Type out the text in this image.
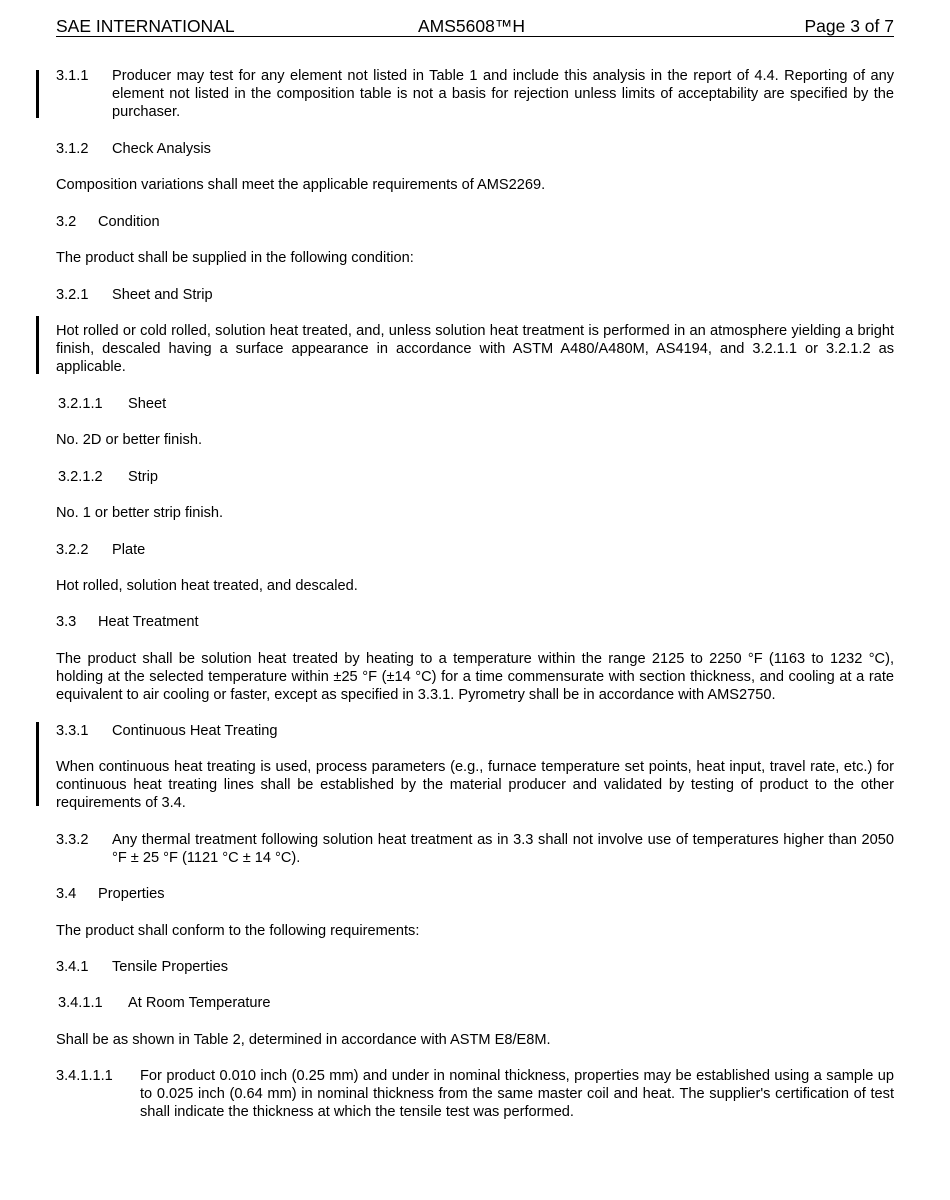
SAE INTERNATIONAL	AMS5608™H	Page 3 of 7
3.1.1	Producer may test for any element not listed in Table 1 and include this analysis in the report of 4.4. Reporting of any element not listed in the composition table is not a basis for rejection unless limits of acceptability are specified by the purchaser.
3.1.2	Check Analysis
Composition variations shall meet the applicable requirements of AMS2269.
3.2	Condition
The product shall be supplied in the following condition:
3.2.1	Sheet and Strip
Hot rolled or cold rolled, solution heat treated, and, unless solution heat treatment is performed in an atmosphere yielding a bright finish, descaled having a surface appearance in accordance with ASTM A480/A480M, AS4194, and 3.2.1.1 or 3.2.1.2 as applicable.
3.2.1.1	Sheet
No. 2D or better finish.
3.2.1.2	Strip
No. 1 or better strip finish.
3.2.2	Plate
Hot rolled, solution heat treated, and descaled.
3.3	Heat Treatment
The product shall be solution heat treated by heating to a temperature within the range 2125 to 2250 °F (1163 to 1232 °C), holding at the selected temperature within ±25 °F (±14 °C) for a time commensurate with section thickness, and cooling at a rate equivalent to air cooling or faster, except as specified in 3.3.1. Pyrometry shall be in accordance with AMS2750.
3.3.1	Continuous Heat Treating
When continuous heat treating is used, process parameters (e.g., furnace temperature set points, heat input, travel rate, etc.) for continuous heat treating lines shall be established by the material producer and validated by testing of product to the other requirements of 3.4.
3.3.2	Any thermal treatment following solution heat treatment as in 3.3 shall not involve use of temperatures higher than 2050 °F ± 25 °F (1121 °C ± 14 °C).
3.4	Properties
The product shall conform to the following requirements:
3.4.1	Tensile Properties
3.4.1.1	At Room Temperature
Shall be as shown in Table 2, determined in accordance with ASTM E8/E8M.
3.4.1.1.1	For product 0.010 inch (0.25 mm) and under in nominal thickness, properties may be established using a sample up to 0.025 inch (0.64 mm) in nominal thickness from the same master coil and heat. The supplier's certification of test shall indicate the thickness at which the tensile test was performed.
